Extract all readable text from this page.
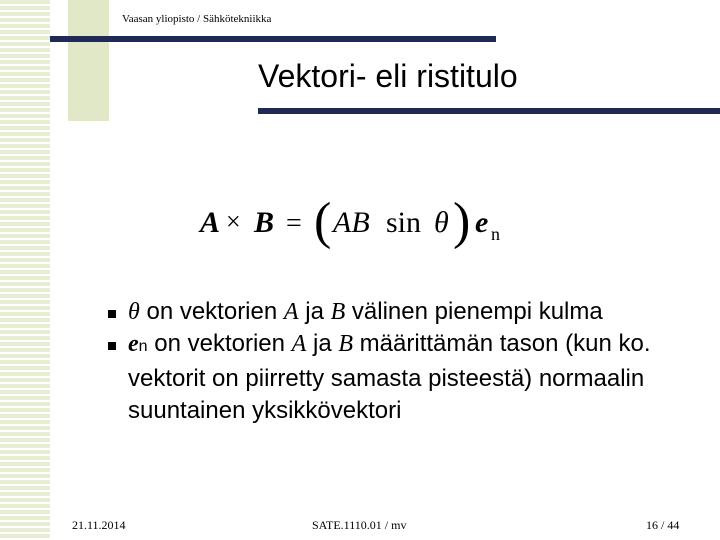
Vaasan yliopisto / Sähkötekniikka
Vektori- eli ristitulo
A × B = ( AB sin θ ) e n
θ on vektorien A ja B välinen pienempi kulma
en on vektorien A ja B määrittämän tason (kun ko. vektorit on piirretty samasta pisteestä) normaalin suuntainen yksikkövektori
21.11.2014	SATE.1110.01 / mv	16 / 44
